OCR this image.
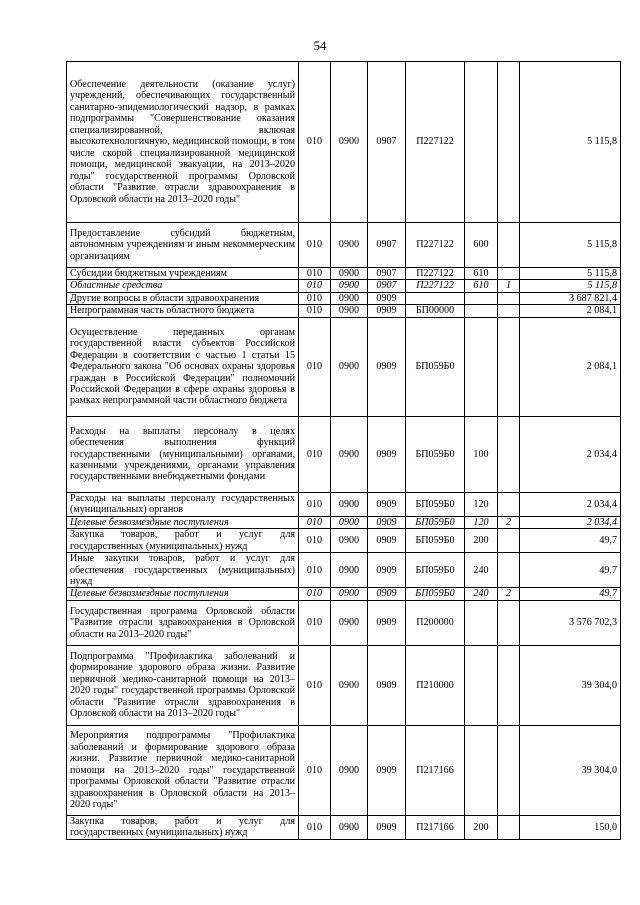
54
Обеспечение деятельности (оказание услуг) учреждений, обеспечивающих государственный санитарно-эпидемиологический надзор, в рамках подпрограммы "Совершенствование оказания специализированной, включая высокотехнологичную, медицинской помощи, в том числе скорой специализированной медицинской помощи, медицинской эвакуации, на 2013–2020 годы" государственной программы Орловской области "Развитие отрасли здравоохранения в Орловской области на 2013–2020 годы"	010	0900	0907	П227122			5 115,8
Предоставление субсидий бюджетным, автономным учреждениям и иным некоммерческим организациям	010	0900	0907	П227122	600		5 115,8
Субсидии бюджетным учреждениям	010	0900	0907	П227122	610		5 115,8
Областные средства	010	0900	0907	П227122	610	1	5 115,8
Другие вопросы в области здравоохранения	010	0900	0909				3 687 821,4
Непрограммная часть областного бюджета	010	0900	0909	БП00000			2 084,1
Осуществление переданных органам государственной власти субъектов Российской Федерации в соответствии с частью 1 статьи 15 Федерального закона "Об основах охраны здоровья граждан в Российской Федерации" полномочий Российской Федерации в сфере охраны здоровья в рамках непрограммной части областного бюджета	010	0900	0909	БП059Б0			2 084,1
Расходы на выплаты персоналу в целях обеспечения выполнения функций государственными (муниципальными) органами, казенными учреждениями, органами управления государственными внебюджетными фондами	010	0900	0909	БП059Б0	100		2 034,4
Расходы на выплаты персоналу государственных (муниципальных) органов	010	0900	0909	БП059Б0	120		2 034,4
Целевые безвозмездные поступления	010	0900	0909	БП059Б0	120	2	2 034,4
Закупка товаров, работ и услуг для государственных (муниципальных) нужд	010	0900	0909	БП059Б0	200		49,7
Иные закупки товаров, работ и услуг для обеспечения государственных (муниципальных) нужд	010	0900	0909	БП059Б0	240		49,7
Целевые безвозмездные поступления	010	0900	0909	БП059Б0	240	2	49,7
Государственная программа Орловской области "Развитие отрасли здравоохранения в Орловской области на 2013–2020 годы"	010	0900	0909	П200000			3 576 702,3
Подпрограмма "Профилактика заболеваний и формирование здорового образа жизни. Развитие первичной медико-санитарной помощи на 2013–2020 годы" государственной программы Орловской области "Развитие отрасли здравоохранения в Орловской области на 2013–2020 годы"	010	0900	0909	П210000			39 304,0
Мероприятия подпрограммы "Профилактика заболеваний и формирование здорового образа жизни. Развитие первичной медико-санитарной помощи на 2013–2020 годы" государственной программы Орловской области "Развитие отрасли здравоохранения в Орловской области на 2013–2020 годы"	010	0900	0909	П217166			39 304,0
Закупка товаров, работ и услуг для государственных (муниципальных) нужд	010	0900	0909	П217166	200		150,0
